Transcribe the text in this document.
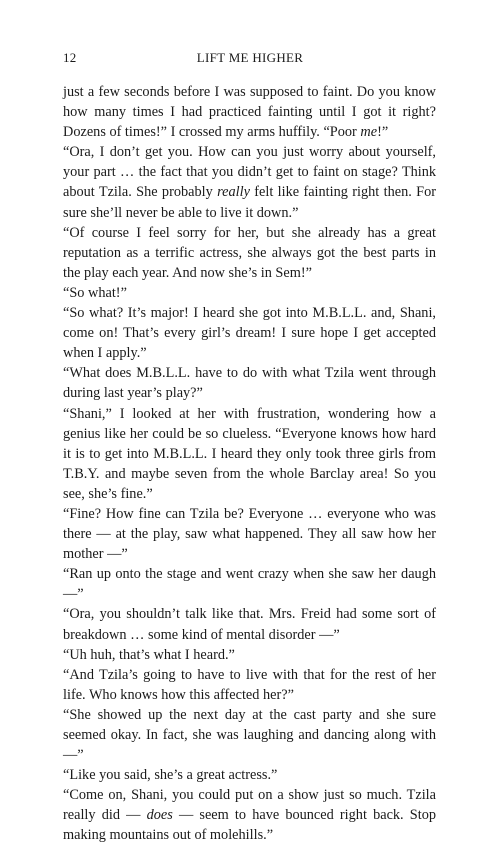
12	LIFT ME HIGHER

just a few seconds before I was supposed to faint. Do you know how many times I had practiced fainting until I got it right? Dozens of times!” I crossed my arms huffily. “Poor me!”

“Ora, I don’t get you. How can you just worry about yourself, your part … the fact that you didn’t get to faint on stage? Think about Tzila. She probably really felt like fainting right then. For sure she’ll never be able to live it down.”

“Of course I feel sorry for her, but she already has a great reputation as a terrific actress, she always got the best parts in the play each year. And now she’s in Sem!”

“So what!”

“So what? It’s major! I heard she got into M.B.L.L. and, Shani, come on! That’s every girl’s dream! I sure hope I get accepted when I apply.”

“What does M.B.L.L. have to do with what Tzila went through during last year’s play?”

“Shani,” I looked at her with frustration, wondering how a genius like her could be so clueless. “Everyone knows how hard it is to get into M.B.L.L. I heard they only took three girls from T.B.Y. and maybe seven from the whole Barclay area! So you see, she’s fine.”

“Fine? How fine can Tzila be? Everyone … everyone who was there — at the play, saw what happened. They all saw how her mother —”

“Ran up onto the stage and went crazy when she saw her daugh —”

“Ora, you shouldn’t talk like that. Mrs. Freid had some sort of breakdown … some kind of mental disorder —”

“Uh huh, that’s what I heard.”

“And Tzila’s going to have to live with that for the rest of her life. Who knows how this affected her?”

“She showed up the next day at the cast party and she sure seemed okay. In fact, she was laughing and dancing along with —”

“Like you said, she’s a great actress.”

“Come on, Shani, you could put on a show just so much. Tzila really did — does — seem to have bounced right back. Stop making mountains out of molehills.”
